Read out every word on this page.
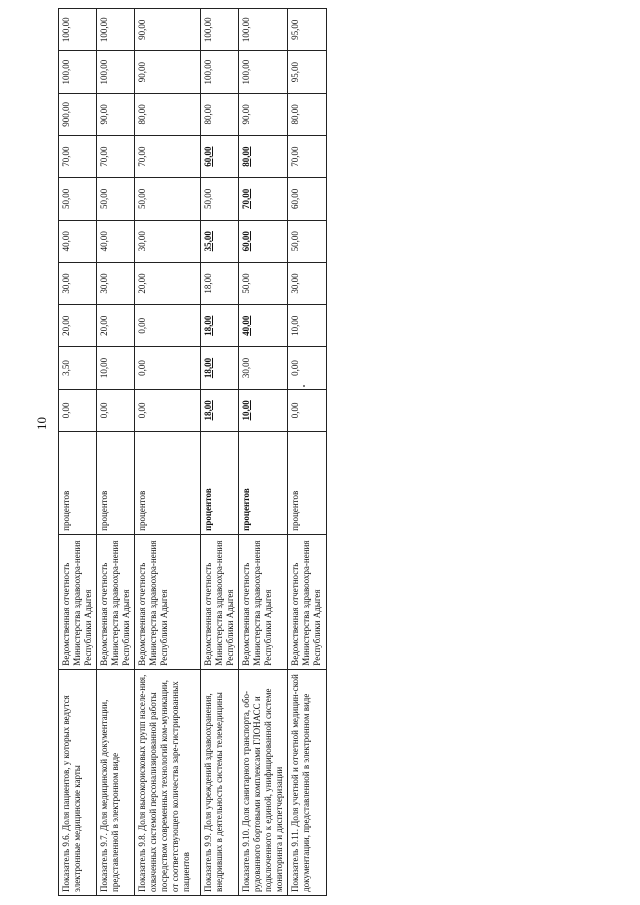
10
Показатель 9.6. Доля пациентов, у которых ведутся электронные медицинские карты	Ведомственная отчетность Министерства здравоохра-нения Республики Адыгея	процентов	0,00	3,50	20,00	30,00	40,00	50,00	70,00	900,00	100,00	100,00
Показатель 9.7. Доля медицинской документации, представленной в электронном виде	Ведомственная отчетность Министерства здравоохра-нения Республики Адыгея	процентов	0,00	10,00	20,00	30,00	40,00	50,00	70,00	90,00	100,00	100,00
Показатель 9.8. Доля высокорисковых групп населе-ния, охваченных системой персонализированной работы посредством современных технологий ком-муникации, от соответствующего количества заре-гистрированных пациентов	Ведомственная отчетность Министерства здравоохра-нения Республики Адыгея	процентов	0,00	0,00	0,00	20,00	30,00	50,00	70,00	80,00	90,00	90,00
Показатель 9.9. Доля учреждений здравоохранения, внедривших в деятельность системы телемедицины	Ведомственная отчетность Министерства здравоохра-нения Республики Адыгея	процентов	18,00	18,00	18,00	18,00	35,00	50,00	60,00	80,00	100,00	100,00
Показатель 9.10. Доля санитарного транспорта, обо-рудованного бортовыми комплексами ГЛОНАСС и подключенного к единой, унифицированной системе мониторинга и диспетчеризации	Ведомственная отчетность Министерства здравоохра-нения Республики Адыгея	процентов	10,00	30,00	40,00	50,00	60,00	70,00	80,00	90,00	100,00	100,00
Показатель 9.11. Доля учетной и отчетной медицин-ской документации, представленной в электронном виде	Ведомственная отчетность Министерства здравоохра-нения Республики Адыгея	процентов	0,00	0,00	10,00	30,00	50,00	60,00	70,00	80,00	95,00	95,00
